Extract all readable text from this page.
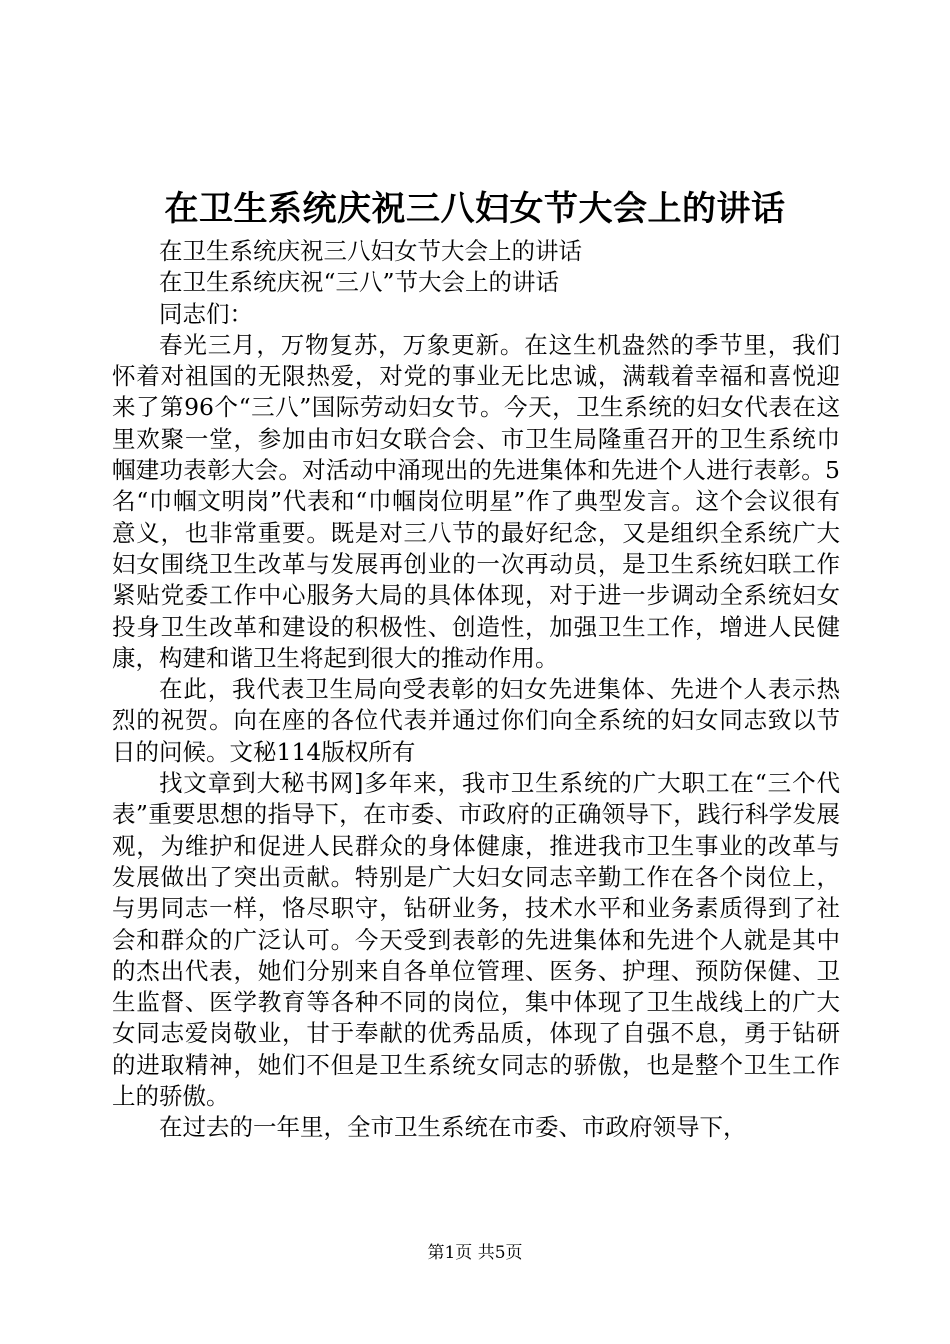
在卫生系统庆祝三八妇女节大会上的讲话

在卫生系统庆祝三八妇女节大会上的讲话

在卫生系统庆祝“三八”节大会上的讲话

同志们：

春光三月，万物复苏，万象更新。在这生机盎然的季节里，我们怀着对祖国的无限热爱，对党的事业无比忠诚，满载着幸福和喜悦迎来了第96个“三八”国际劳动妇女节。今天，卫生系统的妇女代表在这里欢聚一堂，参加由市妇女联合会、市卫生局隆重召开的卫生系统巾帼建功表彰大会。对活动中涌现出的先进集体和先进个人进行表彰。5名“巾帼文明岗”代表和“巾帼岗位明星”作了典型发言。这个会议很有意义，也非常重要。既是对三八节的最好纪念，又是组织全系统广大妇女围绕卫生改革与发展再创业的一次再动员，是卫生系统妇联工作紧贴党委工作中心服务大局的具体体现，对于进一步调动全系统妇女投身卫生改革和建设的积极性、创造性，加强卫生工作，增进人民健康，构建和谐卫生将起到很大的推动作用。

在此，我代表卫生局向受表彰的妇女先进集体、先进个人表示热烈的祝贺。向在座的各位代表并通过你们向全系统的妇女同志致以节日的问候。文秘114版权所有

找文章到大秘书网]多年来，我市卫生系统的广大职工在“三个代表”重要思想的指导下，在市委、市政府的正确领导下，践行科学发展观，为维护和促进人民群众的身体健康，推进我市卫生事业的改革与发展做出了突出贡献。特别是广大妇女同志辛勤工作在各个岗位上，与男同志一样，恪尽职守，钻研业务，技术水平和业务素质得到了社会和群众的广泛认可。今天受到表彰的先进集体和先进个人就是其中的杰出代表，她们分别来自各单位管理、医务、护理、预防保健、卫生监督、医学教育等各种不同的岗位，集中体现了卫生战线上的广大女同志爱岗敬业，甘于奉献的优秀品质，体现了自强不息，勇于钻研的进取精神，她们不但是卫生系统女同志的骄傲，也是整个卫生工作上的骄傲。

在过去的一年里，全市卫生系统在市委、市政府领导下，

第1页 共5页
